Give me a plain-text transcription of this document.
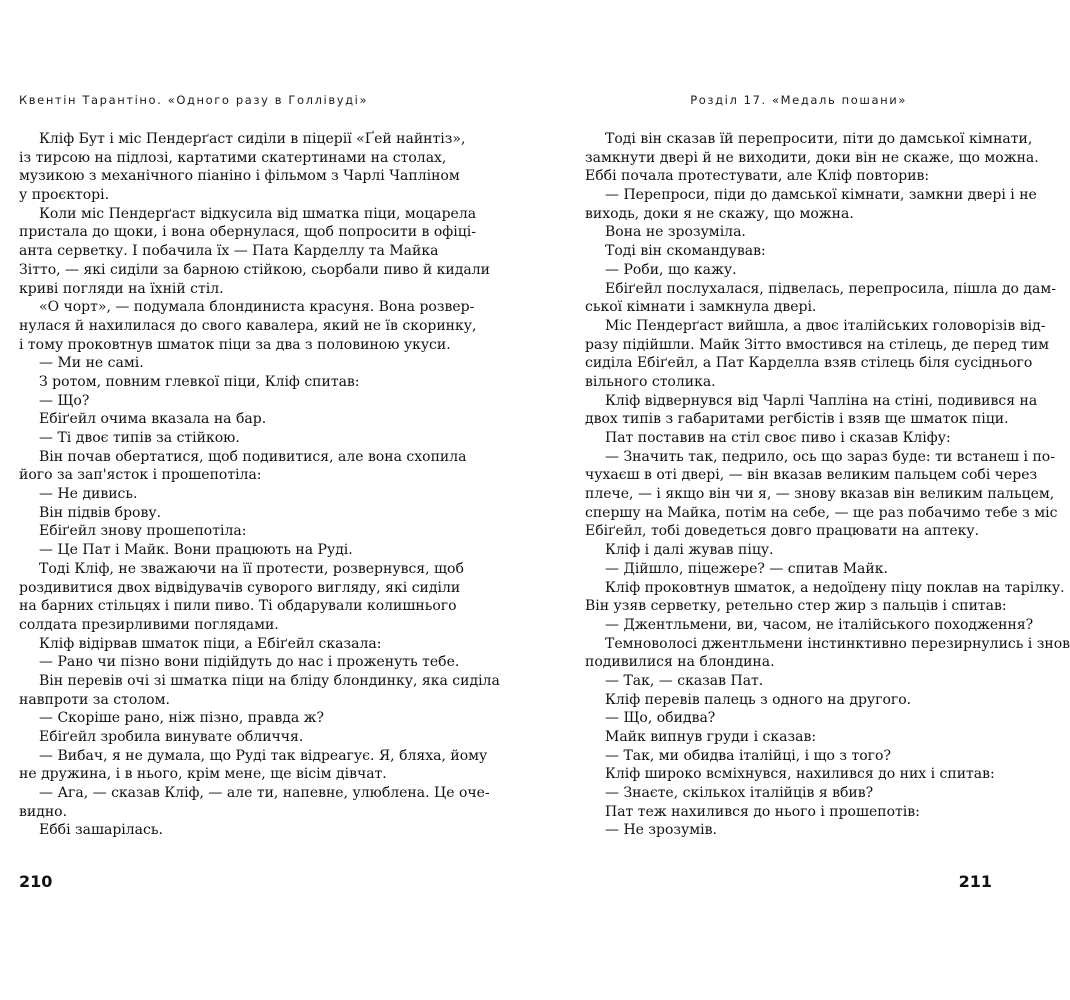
Квентін Тарантіно. «Одного разу в Голлівуді»
Кліф Бут і міс Пендерґаст сиділи в піцерії «Ґей найнтіз»,
із тирсою на підлозі, картатими скатертинами на столах,
музикою з механічного піаніно і фільмом з Чарлі Чапліном
у проєкторі.
Коли міс Пендерґаст відкусила від шматка піци, моцарела
пристала до щоки, і вона обернулася, щоб попросити в офіці-
анта серветку. І побачила їх — Пата Карделлу та Майка
Зітто, — які сиділи за барною стійкою, сьорбали пиво й кидали
криві погляди на їхній стіл.
«О чорт», — подумала блондиниста красуня. Вона розвер-
нулася й нахилилася до свого кавалера, який не їв скоринку,
і тому проковтнув шматок піци за два з половиною укуси.
— Ми не самі.
З ротом, повним глевкої піци, Кліф спитав:
— Що?
Ебіґейл очима вказала на бар.
— Ті двоє типів за стійкою.
Він почав обертатися, щоб подивитися, але вона схопила
його за зап'ясток і прошепотіла:
— Не дивись.
Він підвів брову.
Ебіґейл знову прошепотіла:
— Це Пат і Майк. Вони працюють на Руді.
Тоді Кліф, не зважаючи на її протести, розвернувся, щоб
роздивитися двох відвідувачів суворого вигляду, які сиділи
на барних стільцях і пили пиво. Ті обдарували колишнього
солдата презирливими поглядами.
Кліф відірвав шматок піци, а Ебіґейл сказала:
— Рано чи пізно вони підійдуть до нас і проженуть тебе.
Він перевів очі зі шматка піци на бліду блондинку, яка сиділа
навпроти за столом.
— Скоріше рано, ніж пізно, правда ж?
Ебіґейл зробила винувате обличчя.
— Вибач, я не думала, що Руді так відреагує. Я, бляха, йому
не дружина, і в нього, крім мене, ще вісім дівчат.
— Ага, — сказав Кліф, — але ти, напевне, улюблена. Це оче-
видно.
Еббі зашарілась.
210
Розділ 17. «Медаль пошани»
Тоді він сказав їй перепросити, піти до дамської кімнати,
замкнути двері й не виходити, доки він не скаже, що можна.
Еббі почала протестувати, але Кліф повторив:
— Перепроси, піди до дамської кімнати, замкни двері і не
виходь, доки я не скажу, що можна.
Вона не зрозуміла.
Тоді він скомандував:
— Роби, що кажу.
Ебіґейл послухалася, підвелась, перепросила, пішла до дам-
ської кімнати і замкнула двері.
Міс Пендерґаст вийшла, а двоє італійських головорізів від-
разу підійшли. Майк Зітто вмостився на стілець, де перед тим
сиділа Ебіґейл, а Пат Карделла взяв стілець біля сусіднього
вільного столика.
Кліф відвернувся від Чарлі Чапліна на стіні, подивився на
двох типів з габаритами регбістів і взяв ще шматок піци.
Пат поставив на стіл своє пиво і сказав Кліфу:
— Значить так, педрило, ось що зараз буде: ти встанеш і по-
чухаєш в оті двері, — він вказав великим пальцем собі через
плече, — і якщо він чи я, — знову вказав він великим пальцем,
спершу на Майка, потім на себе, — ще раз побачимо тебе з міс
Ебіґейл, тобі доведеться довго працювати на аптеку.
Кліф і далі жував піцу.
— Дійшло, піцежере? — спитав Майк.
Кліф проковтнув шматок, а недоїдену піцу поклав на тарілку.
Він узяв серветку, ретельно стер жир з пальців і спитав:
— Джентльмени, ви, часом, не італійського походження?
Темноволосі джентльмени інстинктивно перезирнулись і знов
подивилися на блондина.
— Так, — сказав Пат.
Кліф перевів палець з одного на другого.
— Що, обидва?
Майк випнув груди і сказав:
— Так, ми обидва італійці, і що з того?
Кліф широко всміхнувся, нахилився до них і спитав:
— Знаєте, скількох італійців я вбив?
Пат теж нахилився до нього і прошепотів:
— Не зрозумів.
211
